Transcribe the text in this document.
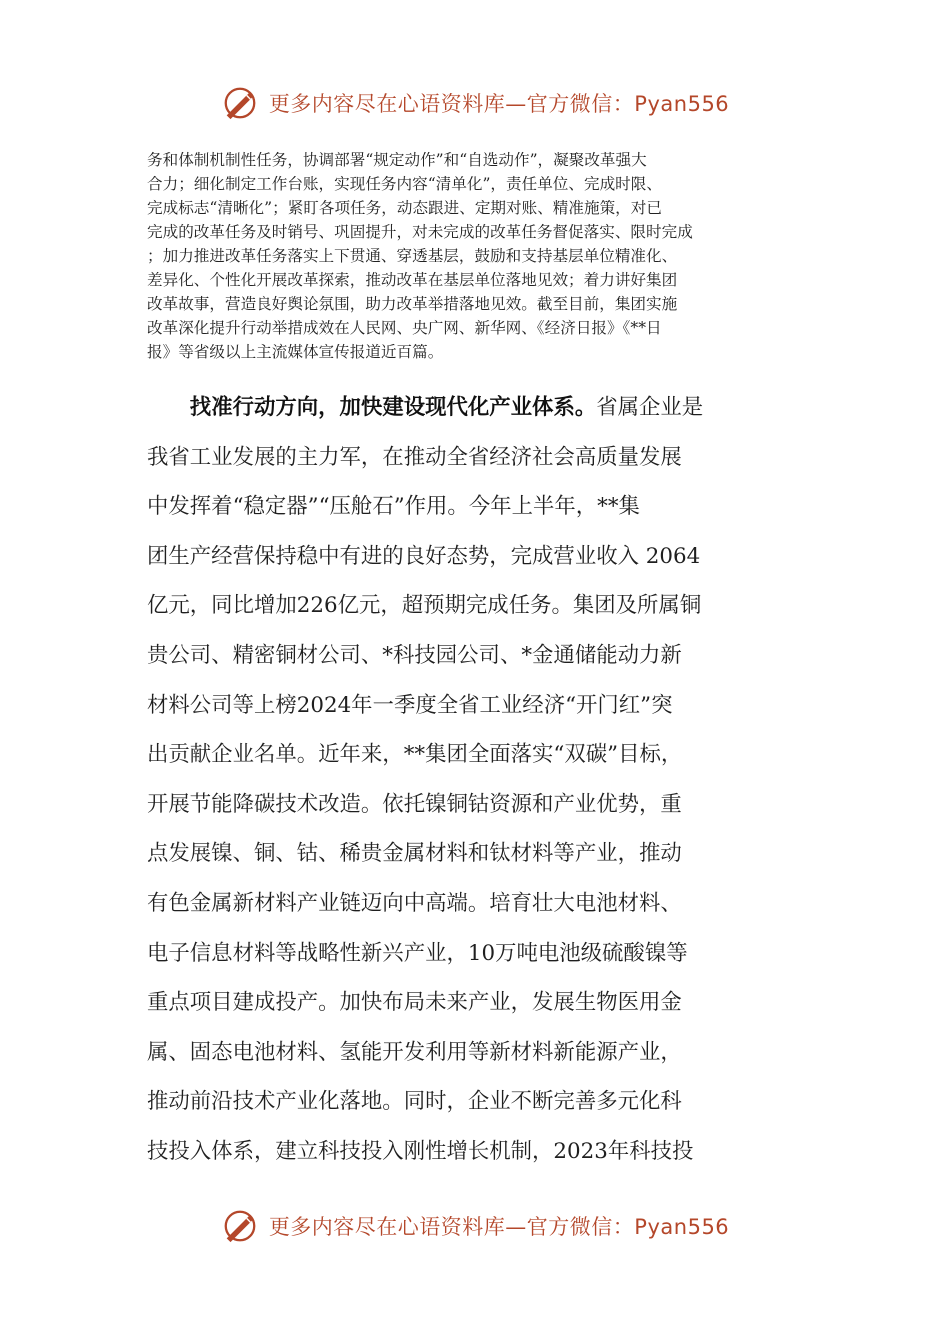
更多内容尽在心语资料库—官方微信：Pyan556
务和体制机制性任务，协调部署“规定动作”和“自选动作”，凝聚改革强大
合力；细化制定工作台账，实现任务内容“清单化”，责任单位、完成时限、
完成标志“清晰化”；紧盯各项任务，动态跟进、定期对账、精准施策，对已
完成的改革任务及时销号、巩固提升，对未完成的改革任务督促落实、限时完成
；加力推进改革任务落实上下贯通、穿透基层，鼓励和支持基层单位精准化、
差异化、个性化开展改革探索，推动改革在基层单位落地见效；着力讲好集团
改革故事，营造良好舆论氛围，助力改革举措落地见效。截至目前，集团实施
改革深化提升行动举措成效在人民网、央广网、新华网、《经济日报》《**日
报》等省级以上主流媒体宣传报道近百篇。
　　找准行动方向，加快建设现代化产业体系。省属企业是
我省工业发展的主力军，在推动全省经济社会高质量发展
中发挥着“稳定器”“压舱石”作用。今年上半年，**集
团生产经营保持稳中有进的良好态势，完成营业收入 2064
亿元，同比增加226亿元，超预期完成任务。集团及所属铜
贵公司、精密铜材公司、*科技园公司、*金通储能动力新
材料公司等上榜2024年一季度全省工业经济“开门红”突
出贡献企业名单。近年来，**集团全面落实“双碳”目标，
开展节能降碳技术改造。依托镍铜钴资源和产业优势，重
点发展镍、铜、钴、稀贵金属材料和钛材料等产业，推动
有色金属新材料产业链迈向中高端。培育壮大电池材料、
电子信息材料等战略性新兴产业，10万吨电池级硫酸镍等
重点项目建成投产。加快布局未来产业，发展生物医用金
属、固态电池材料、氢能开发利用等新材料新能源产业，
推动前沿技术产业化落地。同时，企业不断完善多元化科
技投入体系，建立科技投入刚性增长机制，2023年科技投
更多内容尽在心语资料库—官方微信：Pyan556
